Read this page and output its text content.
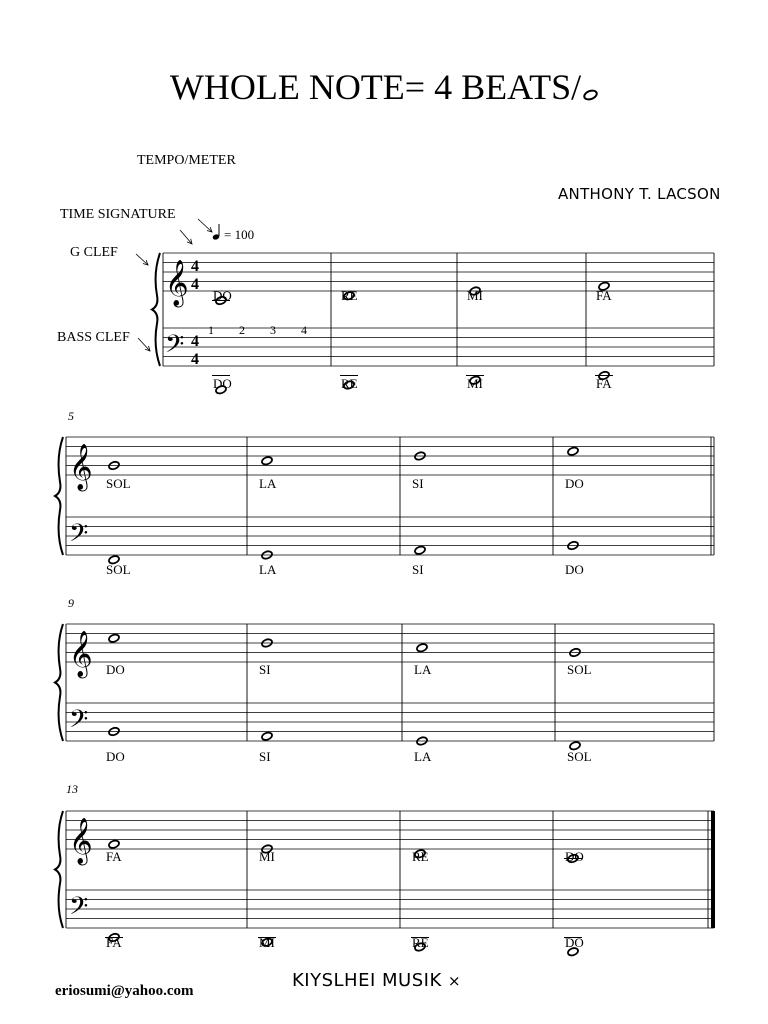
WHOLE NOTE= 4 BEATS/
TEMPO/METER
ANTHONY T. LACSON
TIME SIGNATURE
G CLEF
BASS CLEF
= 100
1 2 3 4
5
9
13
KIYSLHEI MUSIK ⨯
eriosumi@yahoo.com
𝄞
𝄢
4
4
4
4
DO
DO
RE
RE
MI
MI
FA
FA
𝄞
𝄢
SOL
SOL
LA
LA
SI
SI
DO
DO
𝄞
𝄢
DO
DO
SI
SI
LA
LA
SOL
SOL
𝄞
𝄢
FA
FA
MI
MI
RE
RE
DO
DO
